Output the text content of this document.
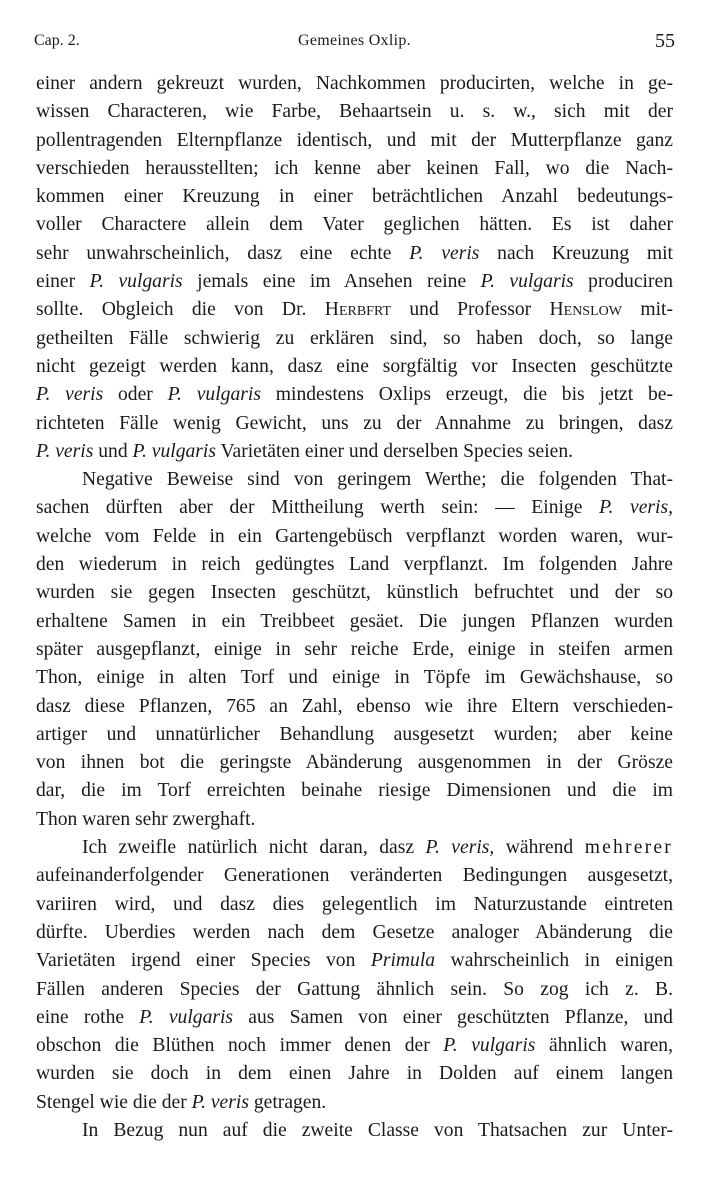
Cap. 2.	Gemeines Oxlip.	55
einer andern gekreuzt wurden, Nachkommen producirten, welche in ge-
wissen Characteren, wie Farbe, Behaartsein u. s. w., sich mit der
pollentragenden Elternpflanze identisch, und mit der Mutterpflanze ganz
verschieden herausstellten; ich kenne aber keinen Fall, wo die Nach-
kommen einer Kreuzung in einer beträchtlichen Anzahl bedeutungs-
voller Charactere allein dem Vater geglichen hätten. Es ist daher
sehr unwahrscheinlich, dasz eine echte P. veris nach Kreuzung mit
einer P. vulgaris jemals eine im Ansehen reine P. vulgaris produciren
sollte. Obgleich die von Dr. Herbfrt und Professor Henslow mit-
getheilten Fälle schwierig zu erklären sind, so haben doch, so lange
nicht gezeigt werden kann, dasz eine sorgfältig vor Insecten geschützte
P. veris oder P. vulgaris mindestens Oxlips erzeugt, die bis jetzt be-
richteten Fälle wenig Gewicht, uns zu der Annahme zu bringen, dasz
P. veris und P. vulgaris Varietäten einer und derselben Species seien.
Negative Beweise sind von geringem Werthe; die folgenden That-
sachen dürften aber der Mittheilung werth sein: — Einige P. veris,
welche vom Felde in ein Gartengebüsch verpflanzt worden waren, wur-
den wiederum in reich gedüngtes Land verpflanzt. Im folgenden Jahre
wurden sie gegen Insecten geschützt, künstlich befruchtet und der so
erhaltene Samen in ein Treibbeet gesäet. Die jungen Pflanzen wurden
später ausgepflanzt, einige in sehr reiche Erde, einige in steifen armen
Thon, einige in alten Torf und einige in Töpfe im Gewächshause, so
dasz diese Pflanzen, 765 an Zahl, ebenso wie ihre Eltern verschieden-
artiger und unnatürlicher Behandlung ausgesetzt wurden; aber keine
von ihnen bot die geringste Abänderung ausgenommen in der Grösze
dar, die im Torf erreichten beinahe riesige Dimensionen und die im
Thon waren sehr zwerghaft.
Ich zweifle natürlich nicht daran, dasz P. veris, während mehrerer
aufeinanderfolgender Generationen veränderten Bedingungen ausgesetzt,
variiren wird, und dasz dies gelegentlich im Naturzustande eintreten
dürfte. Uberdies werden nach dem Gesetze analoger Abänderung die
Varietäten irgend einer Species von Primula wahrscheinlich in einigen
Fällen anderen Species der Gattung ähnlich sein. So zog ich z. B.
eine rothe P. vulgaris aus Samen von einer geschützten Pflanze, und
obschon die Blüthen noch immer denen der P. vulgaris ähnlich waren,
wurden sie doch in dem einen Jahre in Dolden auf einem langen
Stengel wie die der P. veris getragen.
In Bezug nun auf die zweite Classe von Thatsachen zur Unter-
